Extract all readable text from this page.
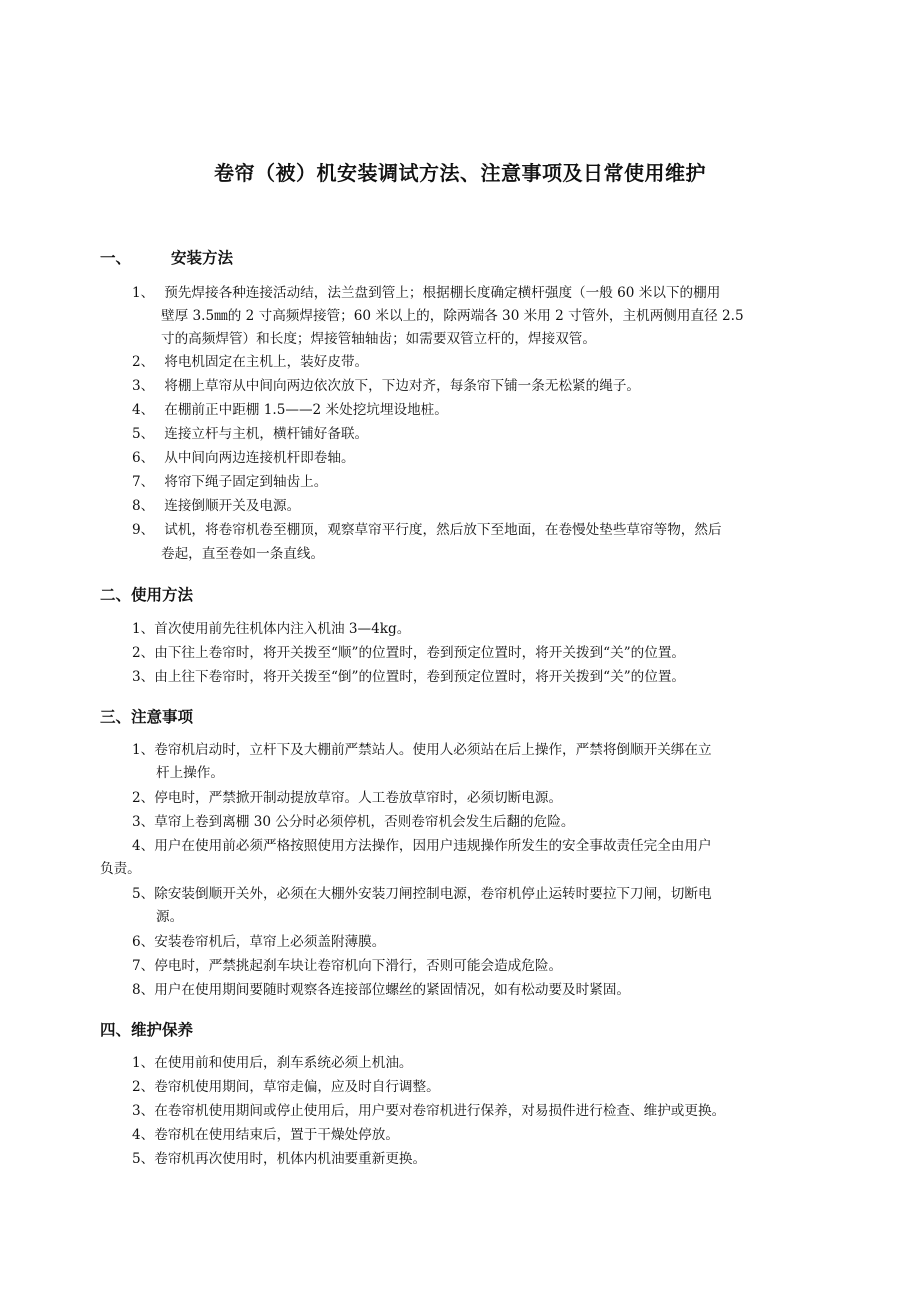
卷帘（被）机安装调试方法、注意事项及日常使用维护
一、	安装方法
1、 预先焊接各种连接活动结，法兰盘到管上；根据棚长度确定横杆强度（一般 60 米以下的棚用
壁厚 3.5㎜的 2 寸高频焊接管；60 米以上的，除两端各 30 米用 2 寸管外，主机两侧用直径 2.5
寸的高频焊管）和长度；焊接管轴轴齿；如需要双管立杆的，焊接双管。
2、 将电机固定在主机上，装好皮带。
3、 将棚上草帘从中间向两边依次放下，下边对齐，每条帘下铺一条无松紧的绳子。
4、 在棚前正中距棚 1.5——2 米处挖坑埋设地桩。
5、 连接立杆与主机，横杆铺好备联。
6、 从中间向两边连接机杆即卷轴。
7、 将帘下绳子固定到轴齿上。
8、 连接倒顺开关及电源。
9、 试机，将卷帘机卷至棚顶，观察草帘平行度，然后放下至地面，在卷慢处垫些草帘等物，然后
卷起，直至卷如一条直线。
二、使用方法
1、首次使用前先往机体内注入机油 3—4kg。
2、由下往上卷帘时，将开关拨至“顺”的位置时，卷到预定位置时，将开关拨到“关”的位置。
3、由上往下卷帘时，将开关拨至“倒”的位置时，卷到预定位置时，将开关拨到“关”的位置。
三、注意事项
1、卷帘机启动时，立杆下及大棚前严禁站人。使用人必须站在后上操作，严禁将倒顺开关绑在立
杆上操作。
2、停电时，严禁掀开制动提放草帘。人工卷放草帘时，必须切断电源。
3、草帘上卷到离棚 30 公分时必须停机，否则卷帘机会发生后翻的危险。
4、用户在使用前必须严格按照使用方法操作，因用户违规操作所发生的安全事故责任完全由用户
负责。
5、除安装倒顺开关外，必须在大棚外安装刀闸控制电源，卷帘机停止运转时要拉下刀闸，切断电
源。
6、安装卷帘机后，草帘上必须盖附薄膜。
7、停电时，严禁挑起刹车块让卷帘机向下滑行，否则可能会造成危险。
8、用户在使用期间要随时观察各连接部位螺丝的紧固情况，如有松动要及时紧固。
四、维护保养
1、在使用前和使用后，刹车系统必须上机油。
2、卷帘机使用期间，草帘走偏，应及时自行调整。
3、在卷帘机使用期间或停止使用后，用户要对卷帘机进行保养，对易损件进行检查、维护或更换。
4、卷帘机在使用结束后，置于干燥处停放。
5、卷帘机再次使用时，机体内机油要重新更换。
